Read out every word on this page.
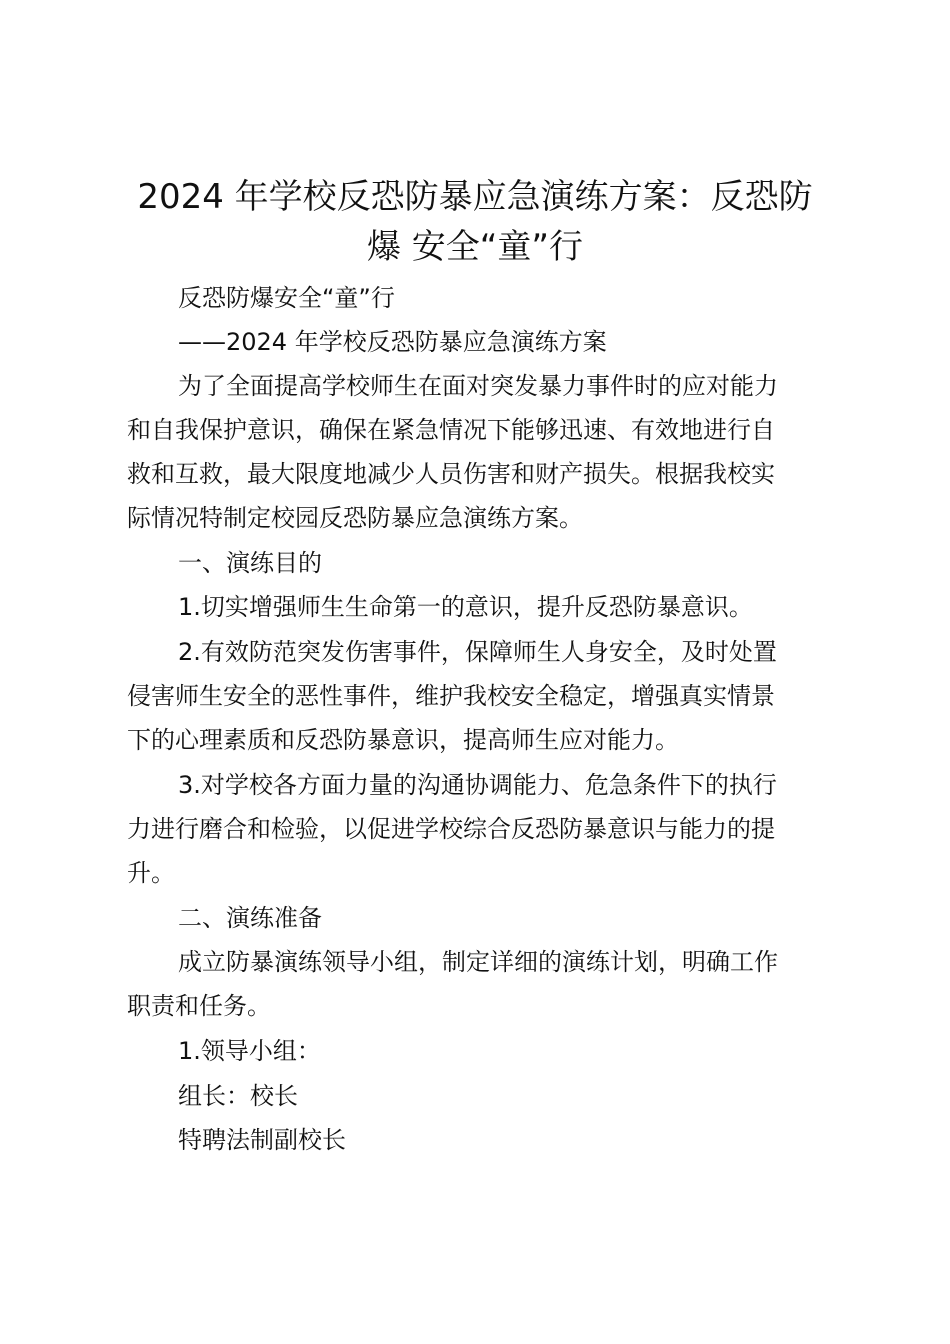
2024 年学校反恐防暴应急演练方案：反恐防
爆 安全“童”行

反恐防爆安全“童”行

——2024 年学校反恐防暴应急演练方案

为了全面提高学校师生在面对突发暴力事件时的应对能力

和自我保护意识，确保在紧急情况下能够迅速、有效地进行自

救和互救，最大限度地减少人员伤害和财产损失。根据我校实

际情况特制定校园反恐防暴应急演练方案。

一、演练目的

1.切实增强师生生命第一的意识，提升反恐防暴意识。

2.有效防范突发伤害事件，保障师生人身安全，及时处置

侵害师生安全的恶性事件，维护我校安全稳定，增强真实情景

下的心理素质和反恐防暴意识，提高师生应对能力。

3.对学校各方面力量的沟通协调能力、危急条件下的执行

力进行磨合和检验，以促进学校综合反恐防暴意识与能力的提

升。

二、演练准备

成立防暴演练领导小组，制定详细的演练计划，明确工作

职责和任务。

1.领导小组：

组长：校长

特聘法制副校长
